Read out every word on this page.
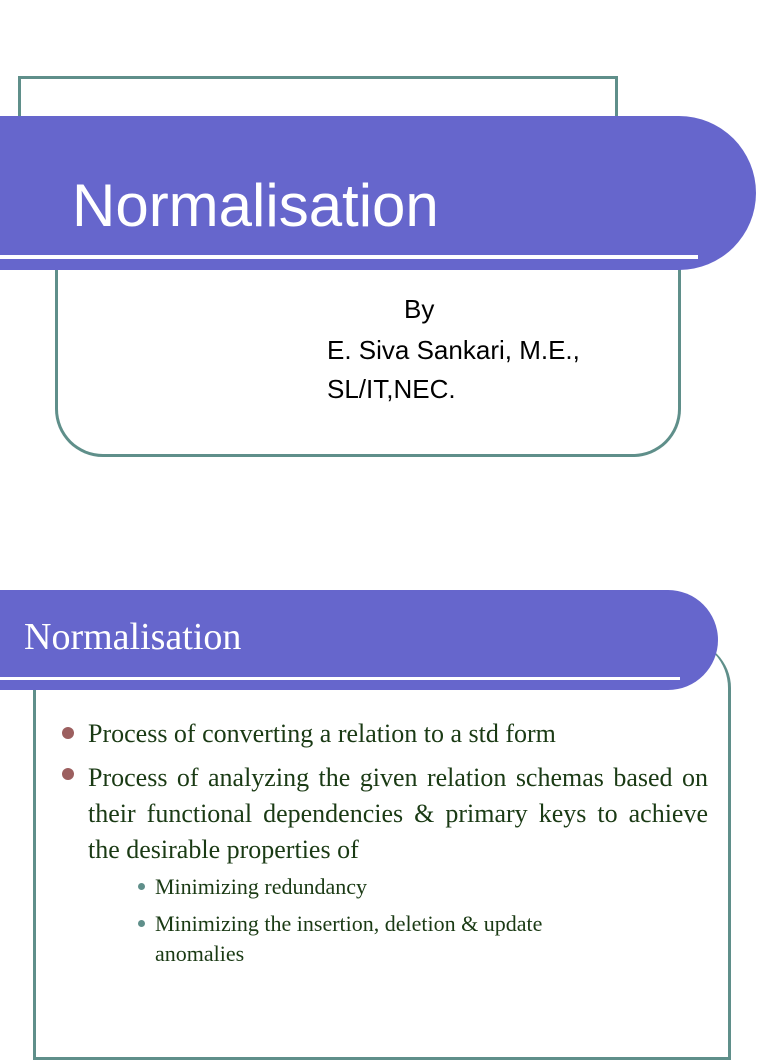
Normalisation
By
E. Siva Sankari, M.E.,
SL/IT,NEC.
Normalisation
Process of converting a relation to a std form
Process of analyzing the given relation schemas based on their functional dependencies & primary keys to achieve the desirable properties of
Minimizing redundancy
Minimizing the insertion, deletion & update anomalies
